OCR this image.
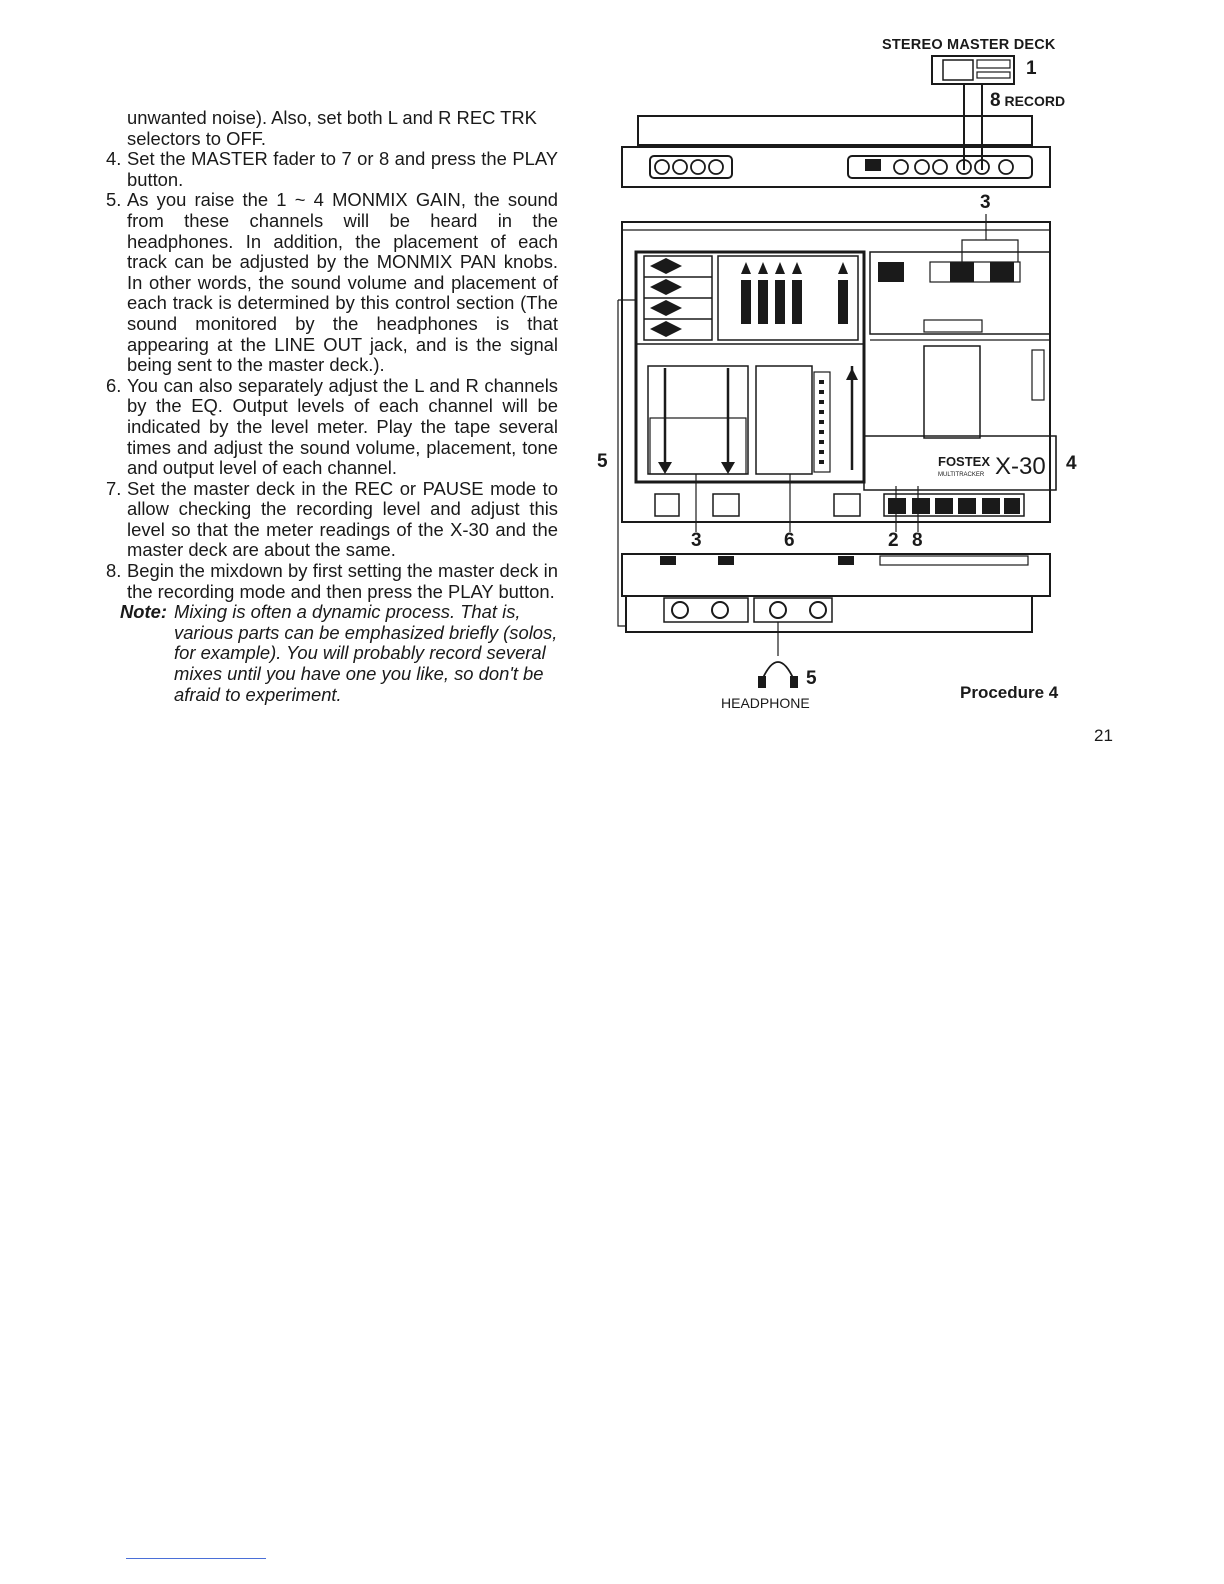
unwanted noise). Also, set both L and R REC TRK

selectors to OFF.

4. Set the MASTER fader to 7 or 8 and press the PLAY button.
5. As you raise the 1 ~ 4 MONMIX GAIN, the sound from these channels will be heard in the headphones. In addition, the placement of each track can be adjusted by the MONMIX PAN knobs. In other words, the sound volume and placement of each track is determined by this control section (The sound monitored by the headphones is that appearing at the LINE OUT jack, and is the signal being sent to the master deck.).
6. You can also separately adjust the L and R channels by the EQ. Output levels of each channel will be indicated by the level meter. Play the tape several times and adjust the sound volume, placement, tone and output level of each channel.
7. Set the master deck in the REC or PAUSE mode to allow checking the recording level and adjust this level so that the meter readings of the X-30 and the master deck are about the same.
8. Begin the mixdown by first setting the master deck in the recording mode and then press the PLAY button.
Note: Mixing is often a dynamic process. That is, various parts can be emphasized briefly (solos, for example). You will probably record several mixes until you have one you like, so don't be afraid to experiment.
STEREO MASTER DECK
8 RECORD
HEADPHONE
Procedure 4
21
1
3
5	4
3	6	2 8
5
FOSTEX
MULTITRACKER X-30
